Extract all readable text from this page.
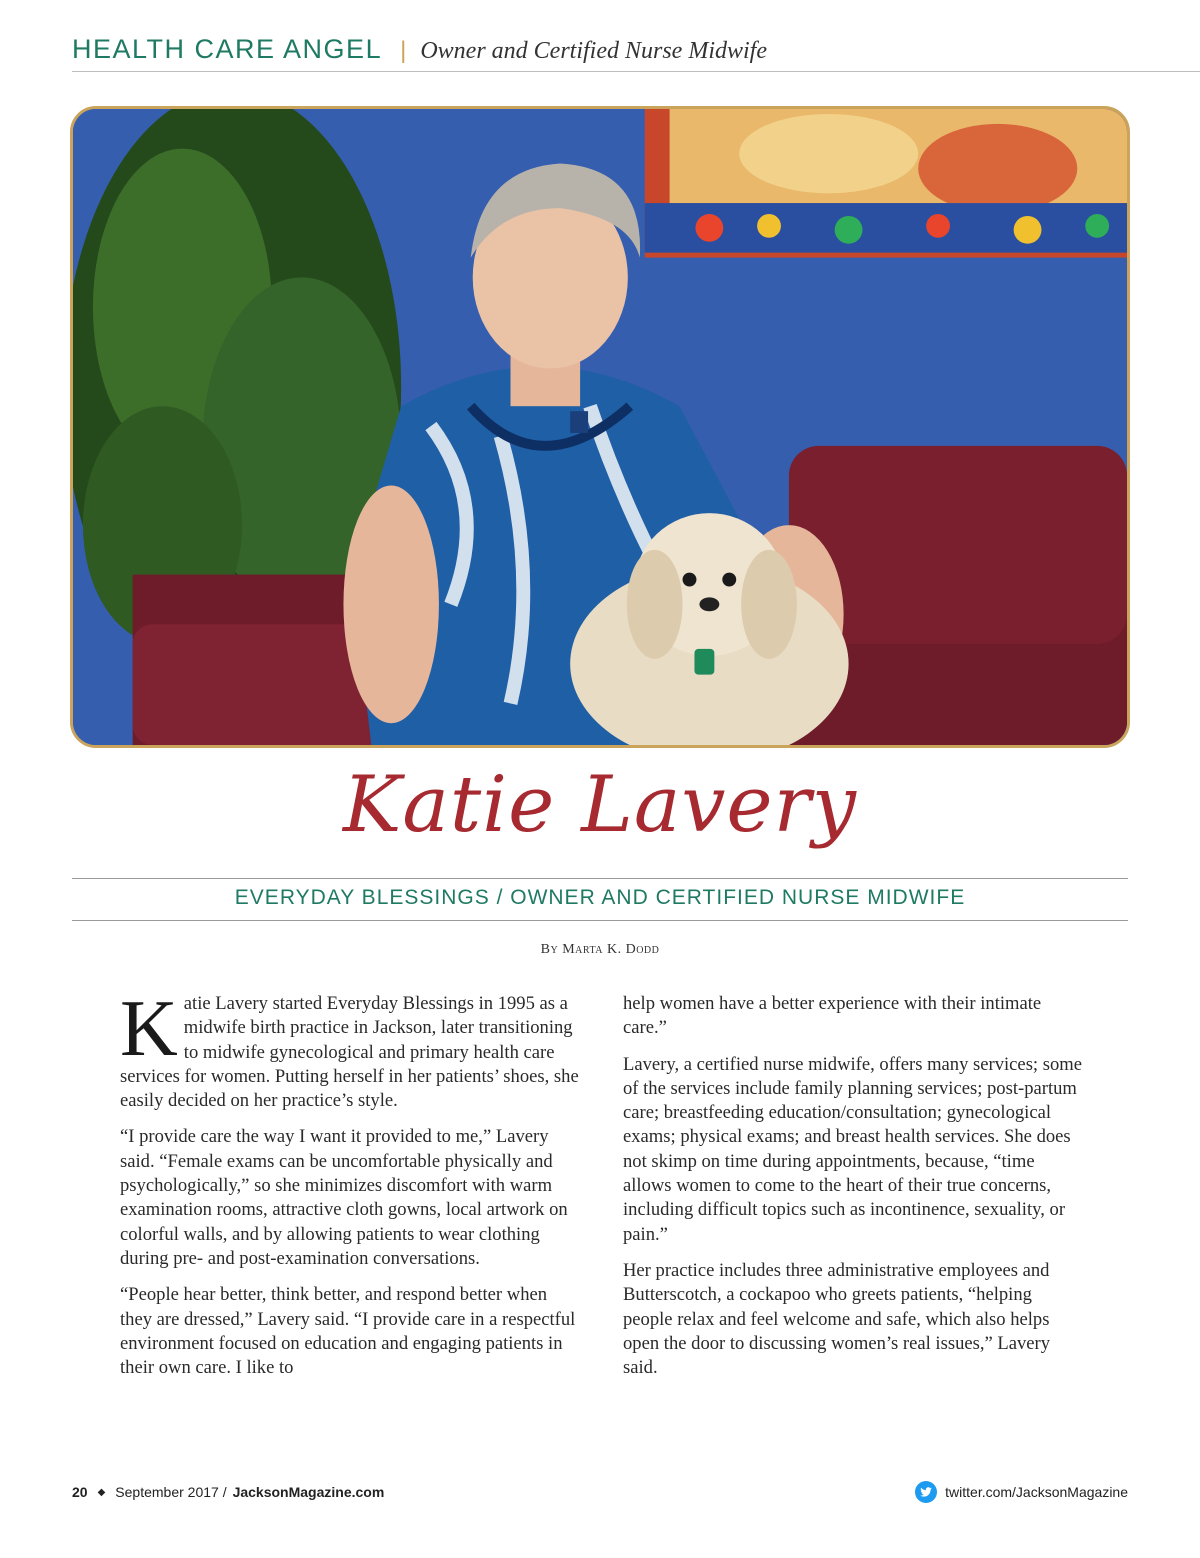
HEALTH CARE ANGEL | Owner and Certified Nurse Midwife
Katie Lavery
EVERYDAY BLESSINGS / OWNER AND CERTIFIED NURSE MIDWIFE
By Marta K. Dodd

Katie Lavery started Everyday Blessings in 1995 as a midwife birth practice in Jackson, later transitioning to midwife gynecological and primary health care services for women. Putting herself in her patients’ shoes, she easily decided on her practice’s style.

“I provide care the way I want it provided to me,” Lavery said. “Female exams can be uncomfortable physically and psychologically,” so she minimizes discomfort with warm examination rooms, attractive cloth gowns, local artwork on colorful walls, and by allowing patients to wear clothing during pre- and post-examination conversations.

“People hear better, think better, and respond better when they are dressed,” Lavery said. “I provide care in a respectful environment focused on education and engaging patients in their own care. I like to

help women have a better experience with their intimate care.”

Lavery, a certified nurse midwife, offers many services; some of the services include family planning services; post-partum care; breastfeeding education/consultation; gynecological exams; physical exams; and breast health services. She does not skimp on time during appointments, because, “time allows women to come to the heart of their true concerns, including difficult topics such as incontinence, sexuality, or pain.”

Her practice includes three administrative employees and Butterscotch, a cockapoo who greets patients, “helping people relax and feel welcome and safe, which also helps open the door to discussing women’s real issues,” Lavery said.

20 ◆ September 2017 / JacksonMagazine.com	twitter.com/JacksonMagazine
